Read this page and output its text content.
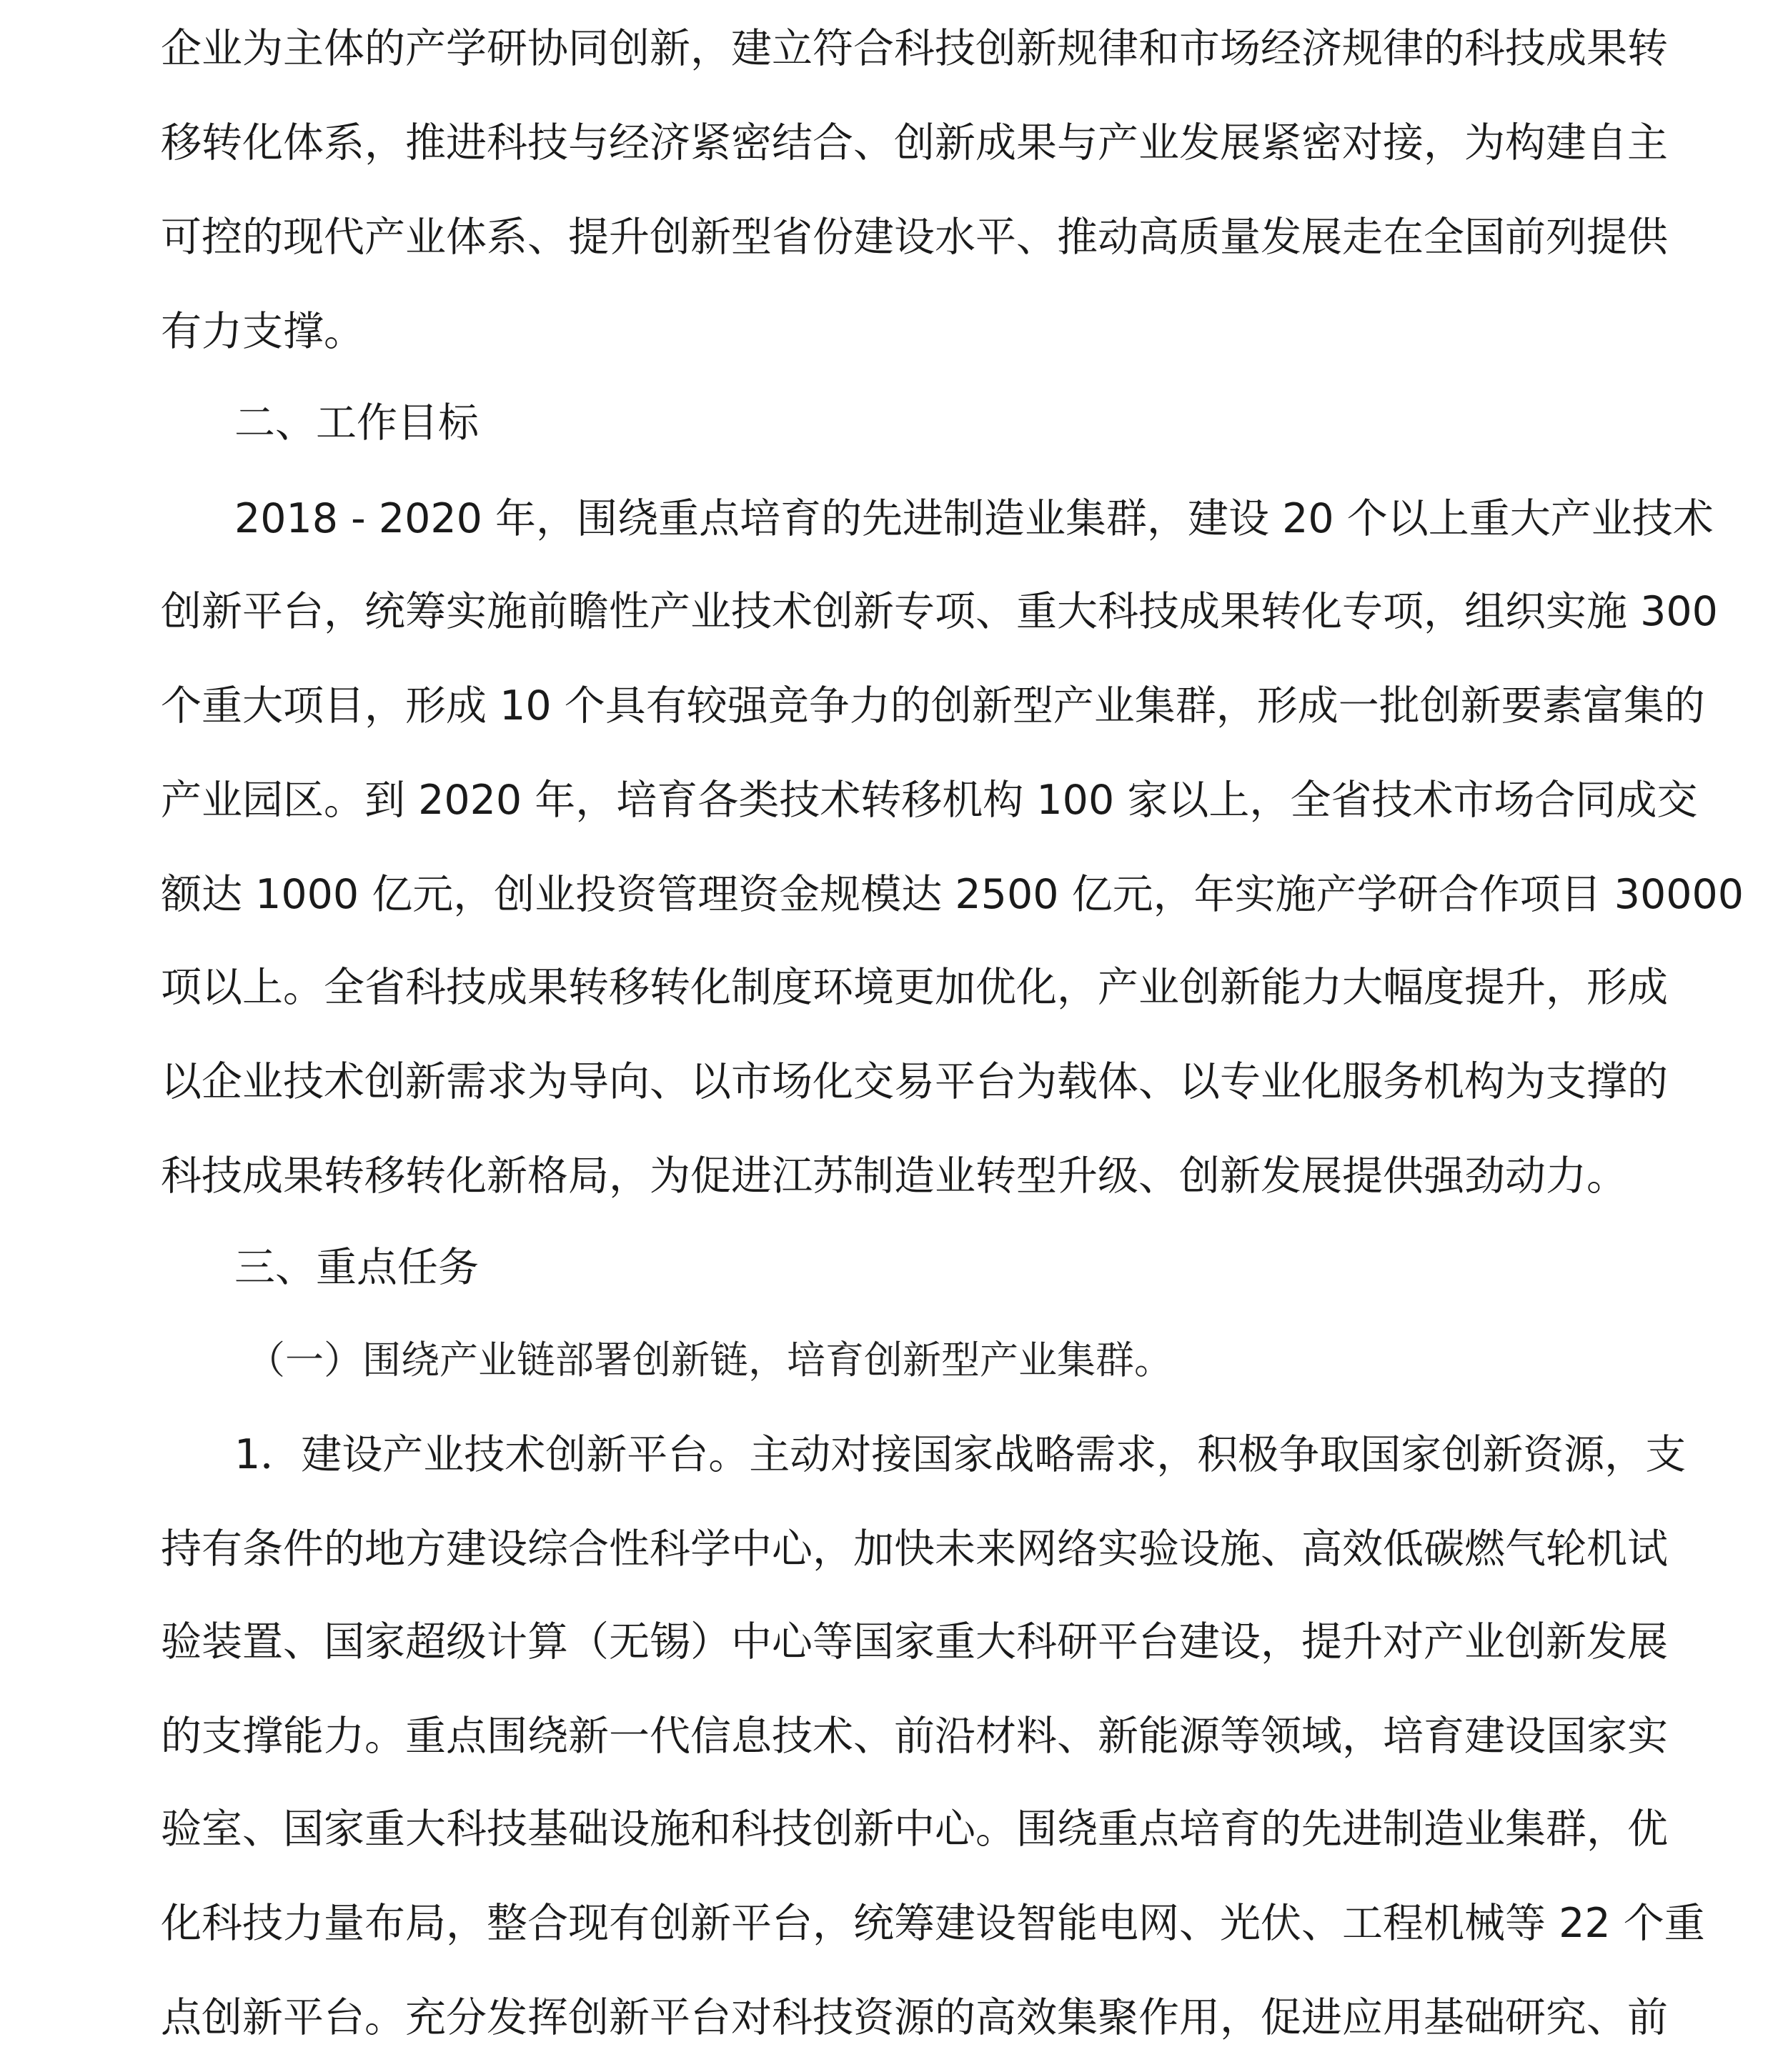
企业为主体的产学研协同创新，建立符合科技创新规律和市场经济规律的科技成果转
移转化体系，推进科技与经济紧密结合、创新成果与产业发展紧密对接，为构建自主
可控的现代产业体系、提升创新型省份建设水平、推动高质量发展走在全国前列提供
有力支撑。
二、工作目标
2018 - 2020 年，围绕重点培育的先进制造业集群，建设 20 个以上重大产业技术
创新平台，统筹实施前瞻性产业技术创新专项、重大科技成果转化专项，组织实施 300
个重大项目，形成 10 个具有较强竞争力的创新型产业集群，形成一批创新要素富集的
产业园区。到 2020 年，培育各类技术转移机构 100 家以上，全省技术市场合同成交
额达 1000 亿元，创业投资管理资金规模达 2500 亿元，年实施产学研合作项目 30000
项以上。全省科技成果转移转化制度环境更加优化，产业创新能力大幅度提升，形成
以企业技术创新需求为导向、以市场化交易平台为载体、以专业化服务机构为支撑的
科技成果转移转化新格局，为促进江苏制造业转型升级、创新发展提供强劲动力。
三、重点任务
（一）围绕产业链部署创新链，培育创新型产业集群。
1．建设产业技术创新平台。主动对接国家战略需求，积极争取国家创新资源，支
持有条件的地方建设综合性科学中心，加快未来网络实验设施、高效低碳燃气轮机试
验装置、国家超级计算（无锡）中心等国家重大科研平台建设，提升对产业创新发展
的支撑能力。重点围绕新一代信息技术、前沿材料、新能源等领域，培育建设国家实
验室、国家重大科技基础设施和科技创新中心。围绕重点培育的先进制造业集群，优
化科技力量布局，整合现有创新平台，统筹建设智能电网、光伏、工程机械等 22 个重
点创新平台。充分发挥创新平台对科技资源的高效集聚作用，促进应用基础研究、前
